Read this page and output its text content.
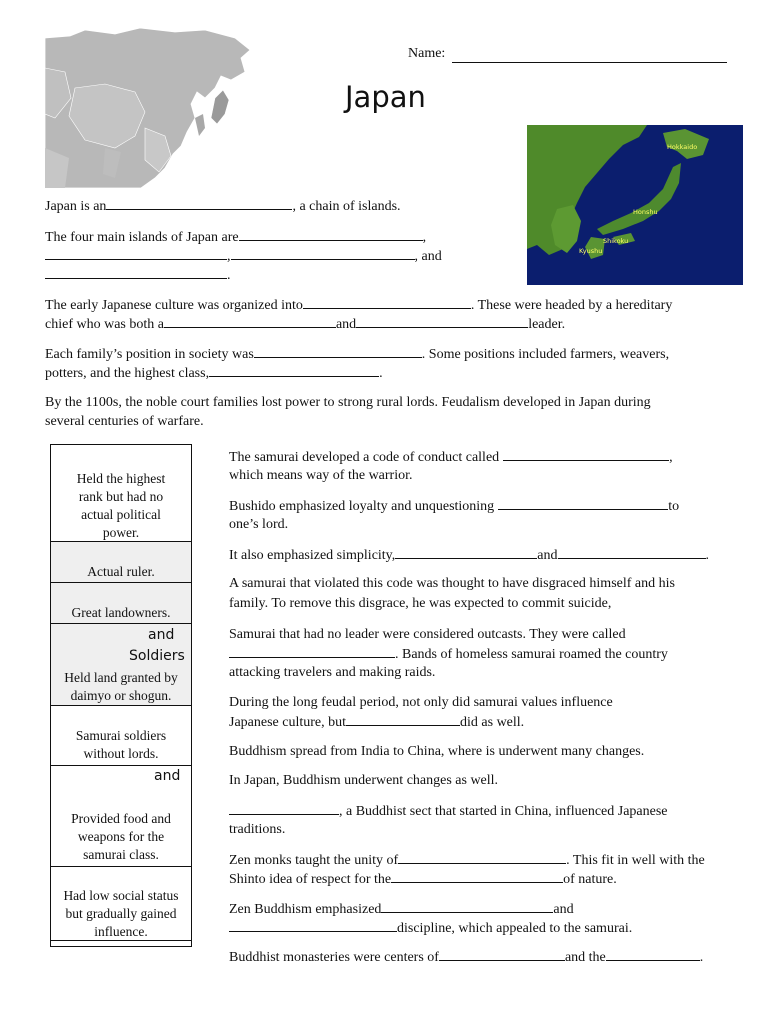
Name:
Japan
Hokkaido
Honshu
Shikoku
Kyushu
Japan is an	, a chain of islands.
The four main islands of Japan are	,
,	, and
.
The early Japanese culture was organized into	. These were headed by a hereditary
chief who was both a	and	leader.
Each family’s position in society was	. Some positions included farmers, weavers,
potters, and the highest class,	.
By the 1100s, the noble court families lost power to strong rural lords. Feudalism developed in Japan during
several centuries of warfare.
Held the highest rank but had no actual political power.
Actual ruler.
Great landowners.
and
Soldiers
Held land granted by daimyo or shogun.
Samurai soldiers without lords.
and
Provided food and weapons for the samurai class.
Had low social status but gradually gained influence.
The samurai developed a code of conduct called	,
which means way of the warrior.
Bushido emphasized loyalty and unquestioning	to
one’s lord.
It also emphasized simplicity,	and	.
A samurai that violated this code was thought to have disgraced himself and his
family. To remove this disgrace, he was expected to commit suicide,
Samurai that had no leader were considered outcasts. They were called
. Bands of homeless samurai roamed the country
attacking travelers and making raids.
During the long feudal period, not only did samurai values influence
Japanese culture, but	did as well.
Buddhism spread from India to China, where is underwent many changes.
In Japan, Buddhism underwent changes as well.
, a Buddhist sect that started in China, influenced Japanese
traditions.
Zen monks taught the unity of	. This fit in well with the
Shinto idea of respect for the	of nature.
Zen Buddhism emphasized	and
discipline, which appealed to the samurai.
Buddhist monasteries were centers of	and the	.
